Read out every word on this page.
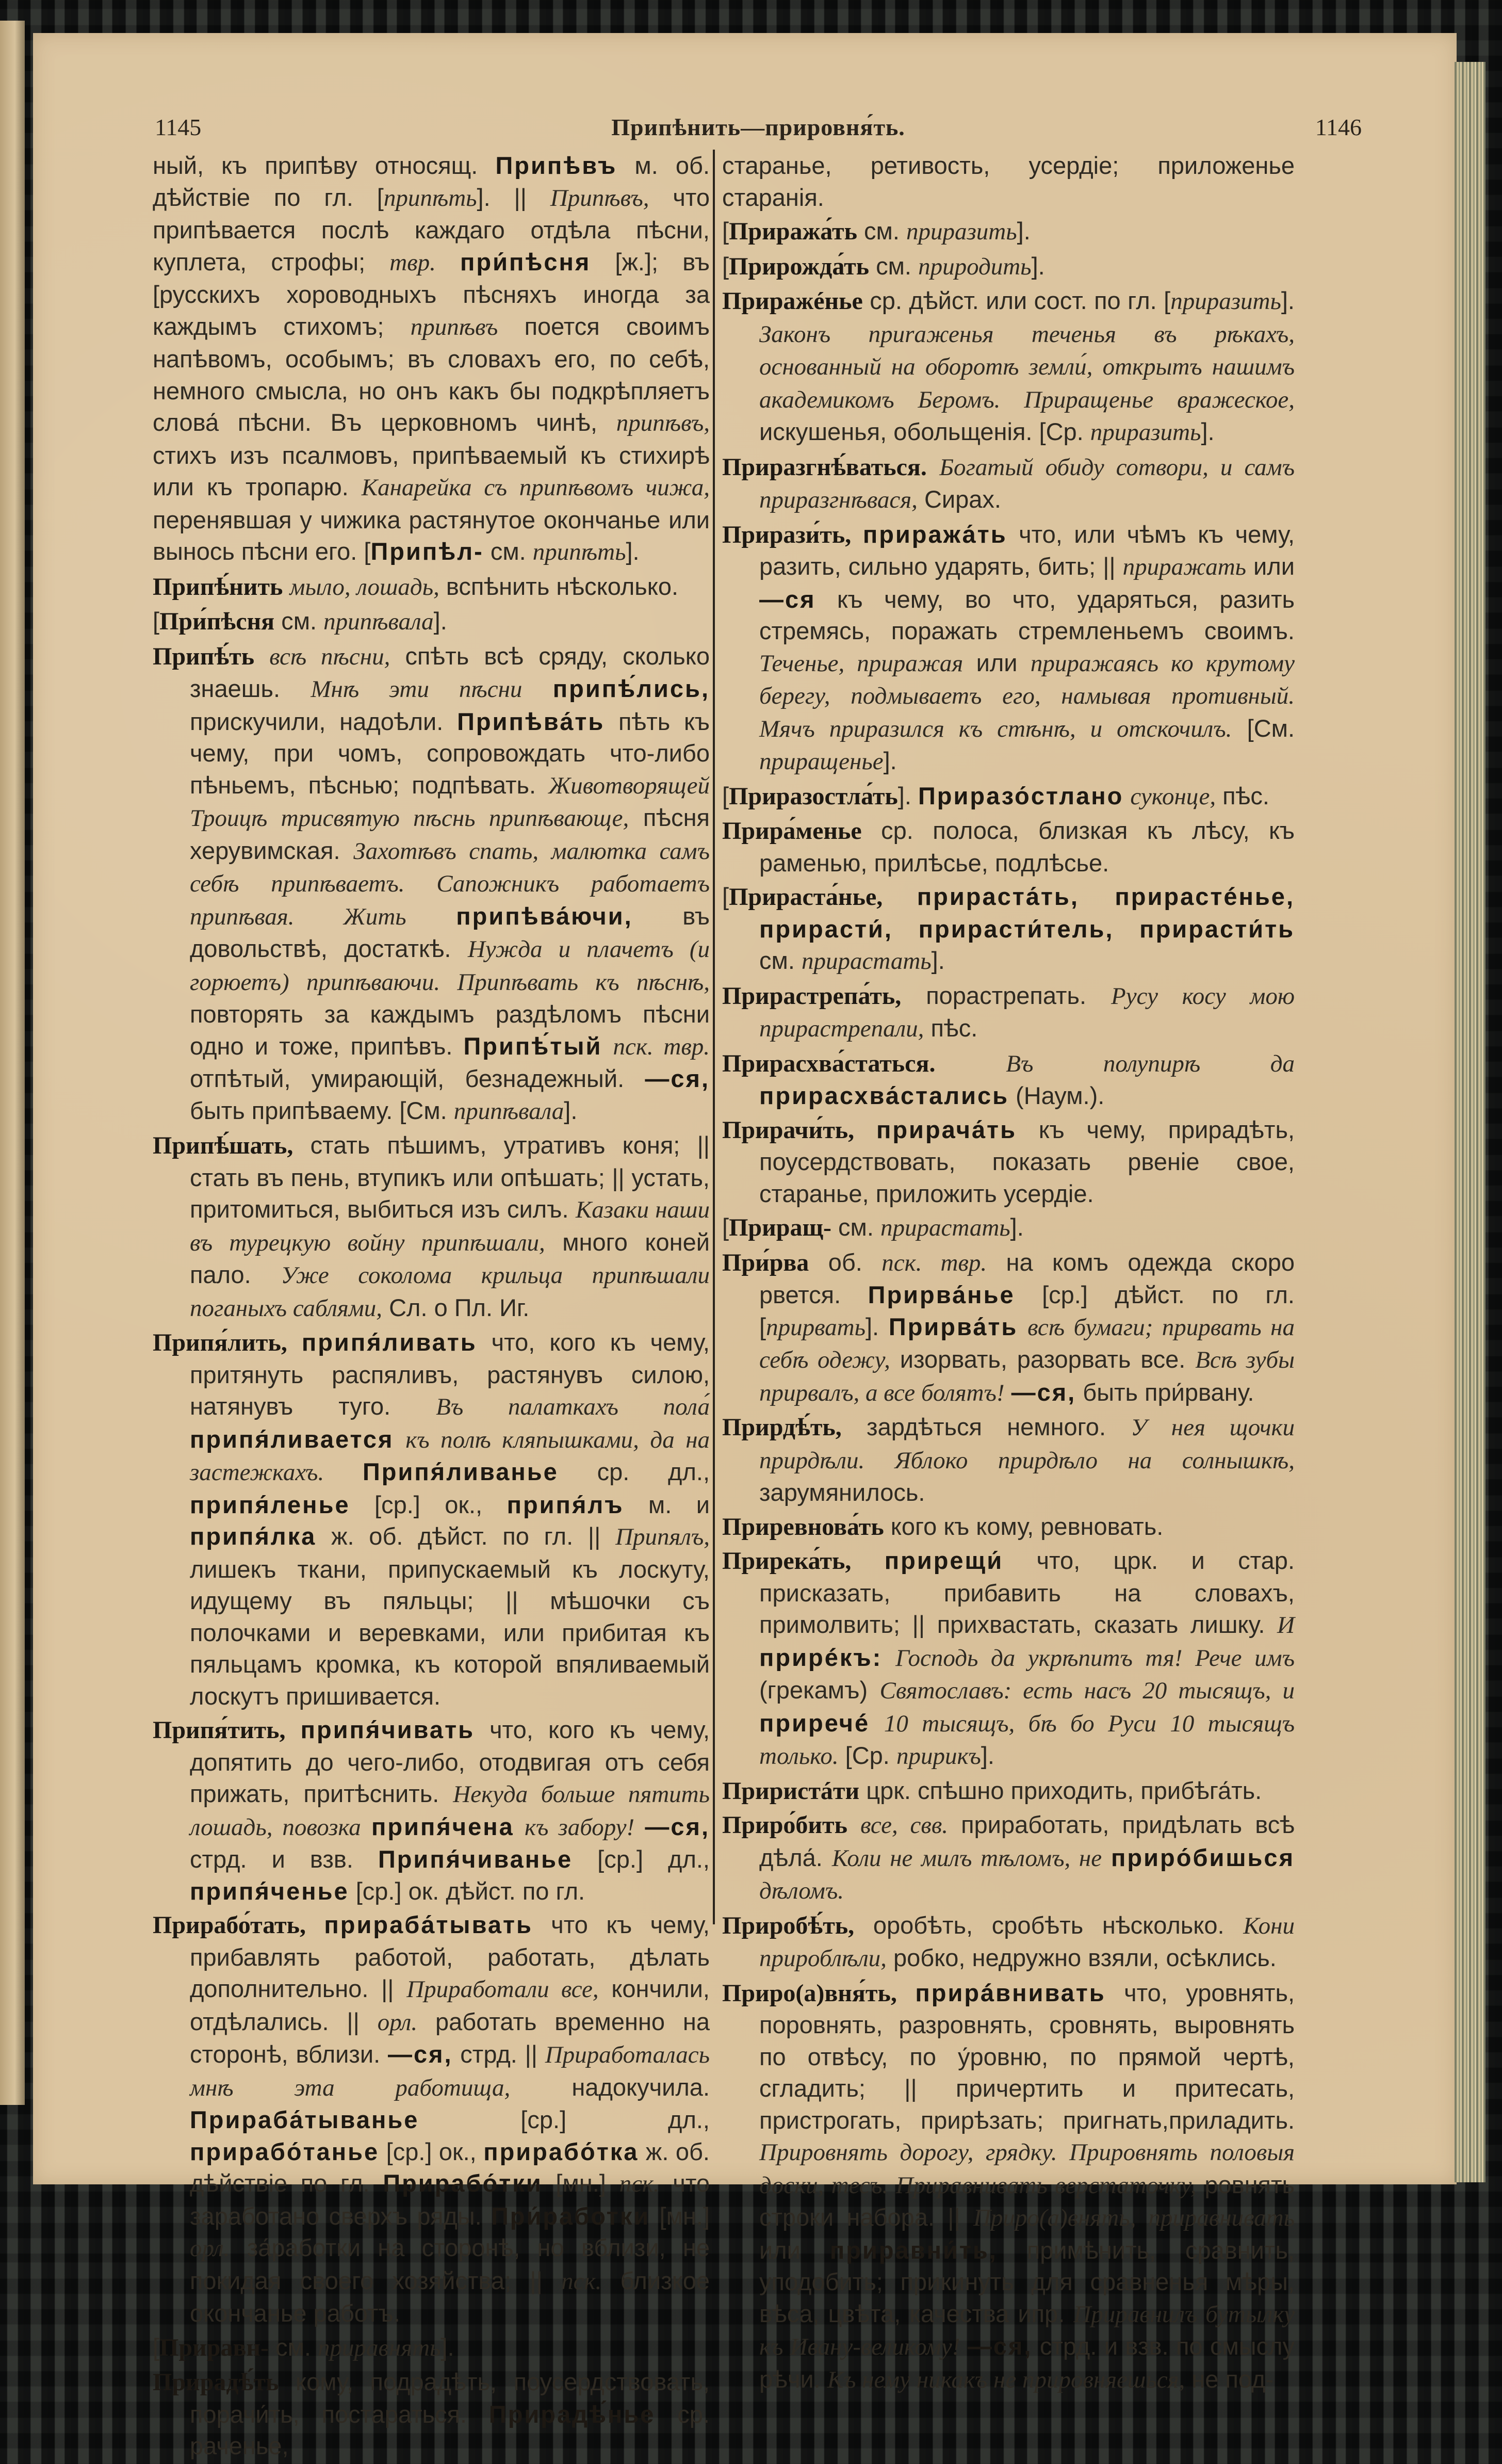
1145	Припѣнить—прировня́ть.	1146
ный, къ припѣву относящ. Припѣвъ м. об. дѣйствіе по гл. [припѣть]. || Припѣвъ, что припѣвается послѣ каждаго отдѣла пѣсни, куплета, строфы; твр. при́пѣсня [ж.]; въ [русскихъ хороводныхъ пѣсняхъ иногда за каждымъ стихомъ; припѣвъ поется своимъ напѣвомъ, особымъ; въ словахъ его, по себѣ, немного смысла, но онъ какъ бы подкрѣпляетъ слова́ пѣсни. Въ церковномъ чинѣ, припѣвъ, стихъ изъ псалмовъ, припѣваемый къ стихирѣ или къ тропарю. Канарейка съ припѣвомъ чижа, перенявшая у чижика растянутое окончанье или вынось пѣсни его. [Припѣл- см. припѣть].
Припѣ́нить мыло, лошадь, вспѣнить нѣсколько.
[При́пѣсня см. припѣвала].
Припѣ́ть всѣ пѣсни, спѣть всѣ сряду, сколько знаешь. Мнѣ эти пѣсни припѣ́лись, прискучили, надоѣли. Припѣва́ть пѣть къ чему, при чомъ, сопровождать что-либо пѣньемъ, пѣснью; подпѣвать. Животворящей Троицѣ трисвятую пѣснь припѣвающе, пѣсня херувимская. Захотѣвъ спать, малютка самъ себѣ припѣваетъ. Сапожникъ работаетъ припѣвая. Жить припѣва́ючи, въ довольствѣ, достаткѣ. Нужда и плачетъ (и горюетъ) припѣваючи. Припѣвать къ пѣснѣ, повторять за каждымъ раздѣломъ пѣсни одно и тоже, припѣвъ. Припѣ́тый пск. твр. отпѣтый, умирающій, безнадежный. —ся, быть припѣваему. [См. припѣвала].
Припѣ́шать, стать пѣшимъ, утративъ коня; || стать въ пень, втупикъ или опѣшать; || устать, притомиться, выбиться изъ силъ. Казаки наши въ турецкую войну припѣшали, много коней пало. Уже соколома крильца припѣшали поганыхъ саблями, Сл. о Пл. Иг.
Припя́лить, припя́ливать что, кого къ чему, притянуть распяливъ, растянувъ силою, натянувъ туго. Въ палаткахъ пола́ припя́ливается къ полѣ кляпышками, да на застежкахъ. Припя́ливанье ср. дл., припя́ленье [ср.] ок., припя́лъ м. и припя́лка ж. об. дѣйст. по гл. || Припялъ, лишекъ ткани, припускаемый къ лоскуту, идущему въ пяльцы; || мѣшочки съ полочками и веревками, или прибитая къ пяльцамъ кромка, къ которой впяливаемый лоскутъ пришивается.
Припя́тить, припя́чивать что, кого къ чему, допятить до чего-либо, отодвигая отъ себя прижать, притѣснить. Некуда больше пятить лошадь, повозка припя́чена къ забору! —ся, стрд. и взв. Припя́чиванье [ср.] дл., припя́ченье [ср.] ок. дѣйст. по гл.
Прирабо́тать, прираба́тывать что къ чему, прибавлять работой, работать, дѣлать дополнительно. || Приработали все, кончили, отдѣлались. || орл. работать временно на сторонѣ, вблизи. —ся, стрд. || Приработалась мнѣ эта работища, надокучила. Прираба́тыванье [ср.] дл., прирабо́танье [ср.] ок., прирабо́тка ж. об. дѣйствіе по гл. Прирабо́тки [мн.] пск. что заработано сверхъ ряды. При́работки [мн.] орл. за́работки на сторонѣ, но вблизи, не покидая своего хозяйства; || пск. близкое окончанье работъ.
[Приравн- см. приравнять].
Прирадѣ́ть кому, подрадѣть, поусердствовать, порачи́ть, постараться. Прирадѣ́нье ср. раченье,
старанье, ретивость, усердіе; приложенье старанія.
[Приража́ть см. приразить].
[Прирожда́ть см. природить].
Приражéнье ср. дѣйст. или сост. по гл. [приразить]. Законъ приraженья теченья въ рѣкахъ, основанный на оборотѣ земли́, открытъ нашимъ академикомъ Беромъ. Приращенье вражеское, искушенья, обольщенія. [Ср. приразить].
Приразгнѣ́ваться. Богатый обиду сотвори, и самъ приразгнѣвася, Сирах.
Прирази́ть, прирaжа́ть что, или чѣмъ къ чему, разить, сильно ударять, бить; || приражать или —ся къ чему, во что, ударяться, разить стремясь, поражать стремленьемъ своимъ. Теченье, приражая или приражаясь ко крутому берегу, подмываетъ его, намывая противный. Мячъ приразился къ стѣнѣ, и отскочилъ. [См. приращенье].
[Приразостла́ть]. Приразо́стлано суконце, пѣс.
Прира́менье ср. полоса, близкая къ лѣсу, къ раменью, прилѣсье, подлѣсье.
[Прираста́нье, прираста́ть, прирастéнье, прирасти́, прирасти́тель, прирасти́ть см. прирастать].
Прирастрепа́ть, порастрепать. Русу косу мою прирастрепали, пѣс.
Прирасхва́статься.	Въ полупирѣ да прирасхва́стались (Наум.).
Прирачи́ть, прирача́ть къ чему, прирадѣть, поусердствовать, показать рвеніе свое, старанье, приложить усердіе.
[Приращ- см. прирастать].
При́рва об. пск. твр. на комъ одежда скоро рвется. Прирва́нье [ср.] дѣйст. по гл. [прирвать]. Прирва́ть всѣ бумаги; прирвать на себѣ одежу, изорвать, разорвать все. Всѣ зубы прирвалъ, а все болятъ! —ся, быть при́рвану.
Пpирдѣ́ть, зардѣться немного. У нея щочки прирдѣли. Яблоко прирдѣло на солнышкѣ, зарумянилось.
Приревнова́ть кого къ кому, ревновать.
Прирека́ть, прирещи́ что, црк. и стар. присказать, прибавить на словахъ, примолвить; || прихвастать, сказать лишку. И прирéкъ: Господь да укрѣпитъ тя! Рече имъ (грекамъ) Святославъ: есть насъ 20 тысящъ, и приречé 10 тысящъ, бѣ бо Руси 10 тысящъ только. [Ср. пририкъ].
Приристáти црк. спѣшно приходить, прибѣга́ть.
Приро́бить все, свв. приработать, придѣлать всѣ дѣла́. Коли не милъ тѣломъ, не приро́бишься дѣломъ.
Приробѣ́ть, оробѣть, сробѣть нѣсколько. Кони прироблѣли, робко, недружно взяли, осѣклись.
Приро(а)вня́ть, прирáвнивать что, уровнять, поровнять, разровнять, сровнять, выровнять по отвѣсу, по у́ровню, по прямой чертѣ, сгладить; || причертить и притесать, пристрогать, прирѣзать; пригнать,приладить. Прировнять дорогу, грядку. Прировнять половыя доски, тесъ. Приравнивать верстаточку, ровнять строки набора. || Приро(а)внять, приравнивать или приравни́ть, примѣнить, сравнить, уподобить; прикинуть для сравненья мѣры, вѣса, цвѣта, качества ипр. Приравнилъ бутылку къ Ивану-великому! —ся, стрд. и взв. по смыслу рѣчи. Къ нему никакъ не прировняешься, не под-
